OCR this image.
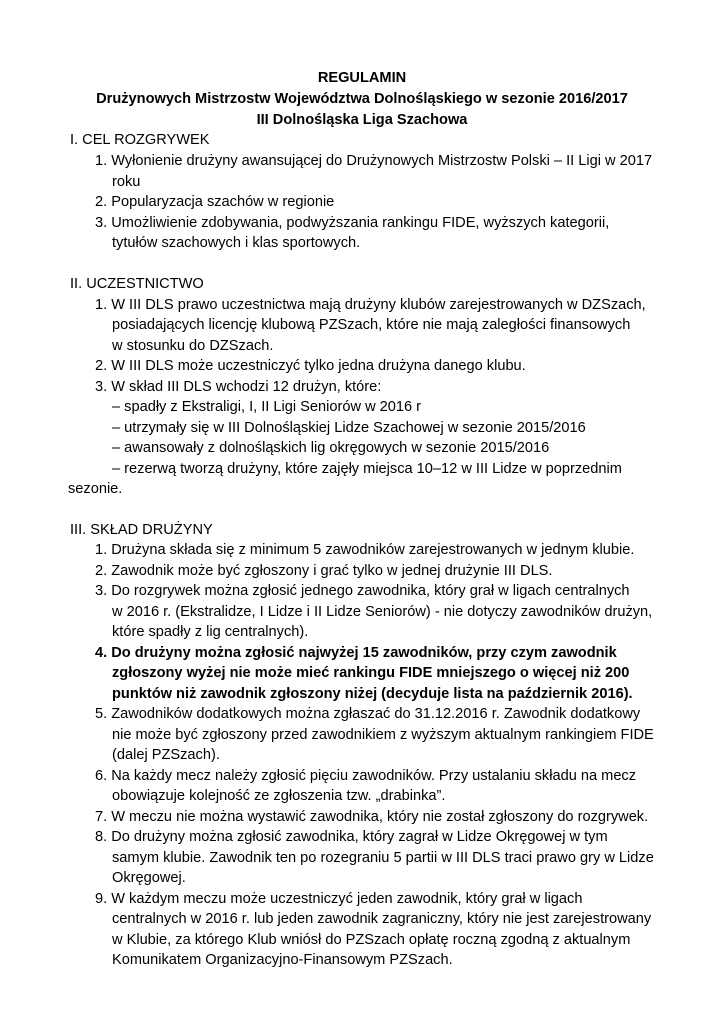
REGULAMIN
Drużynowych Mistrzostw Województwa Dolnośląskiego w sezonie 2016/2017
III Dolnośląska Liga Szachowa
I. CEL ROZGRYWEK
1. Wyłonienie drużyny awansującej do Drużynowych Mistrzostw Polski – II Ligi w 2017
roku
2. Popularyzacja szachów w regionie
3. Umożliwienie zdobywania, podwyższania rankingu FIDE, wyższych kategorii,
tytułów szachowych i klas sportowych.
II. UCZESTNICTWO
1. W III DLS prawo uczestnictwa mają drużyny klubów zarejestrowanych w DZSzach,
posiadających licencję klubową PZSzach, które nie mają zaległości finansowych
w stosunku do DZSzach.
2. W III DLS może uczestniczyć tylko jedna drużyna danego klubu.
3. W skład III DLS wchodzi 12 drużyn, które:
– spadły z Ekstraligi, I, II Ligi Seniorów w 2016 r
– utrzymały się w III Dolnośląskiej Lidze Szachowej w sezonie 2015/2016
– awansowały z dolnośląskich lig okręgowych w sezonie 2015/2016
– rezerwą tworzą drużyny, które zajęły miejsca 10–12 w III Lidze w poprzednim
sezonie.
III. SKŁAD DRUŻYNY
1. Drużyna składa się z minimum 5 zawodników zarejestrowanych w jednym klubie.
2. Zawodnik może być zgłoszony i grać tylko w jednej drużynie III DLS.
3. Do rozgrywek można zgłosić jednego zawodnika, który grał w ligach centralnych
w 2016 r. (Ekstralidze, I Lidze i II Lidze Seniorów) - nie dotyczy zawodników drużyn,
które spadły z lig centralnych).
4. Do drużyny można zgłosić najwyżej 15 zawodników, przy czym zawodnik
zgłoszony wyżej nie może mieć rankingu FIDE mniejszego o więcej niż 200
punktów niż zawodnik zgłoszony niżej (decyduje lista na październik 2016).
5. Zawodników dodatkowych można zgłaszać do 31.12.2016 r. Zawodnik dodatkowy
nie może być zgłoszony przed zawodnikiem z wyższym aktualnym rankingiem FIDE
(dalej PZSzach).
6. Na każdy mecz należy zgłosić pięciu zawodników. Przy ustalaniu składu na mecz
obowiązuje kolejność ze zgłoszenia tzw. „drabinka”.
7. W meczu nie można wystawić zawodnika, który nie został zgłoszony do rozgrywek.
8. Do drużyny można zgłosić zawodnika, który zagrał w Lidze Okręgowej w tym
samym klubie. Zawodnik ten po rozegraniu 5 partii w III DLS traci prawo gry w Lidze
Okręgowej.
9. W każdym meczu może uczestniczyć jeden zawodnik, który grał w ligach
centralnych w 2016 r. lub jeden zawodnik zagraniczny, który nie jest zarejestrowany
w Klubie, za którego Klub wniósł do PZSzach opłatę roczną zgodną z aktualnym
Komunikatem Organizacyjno-Finansowym PZSzach.
